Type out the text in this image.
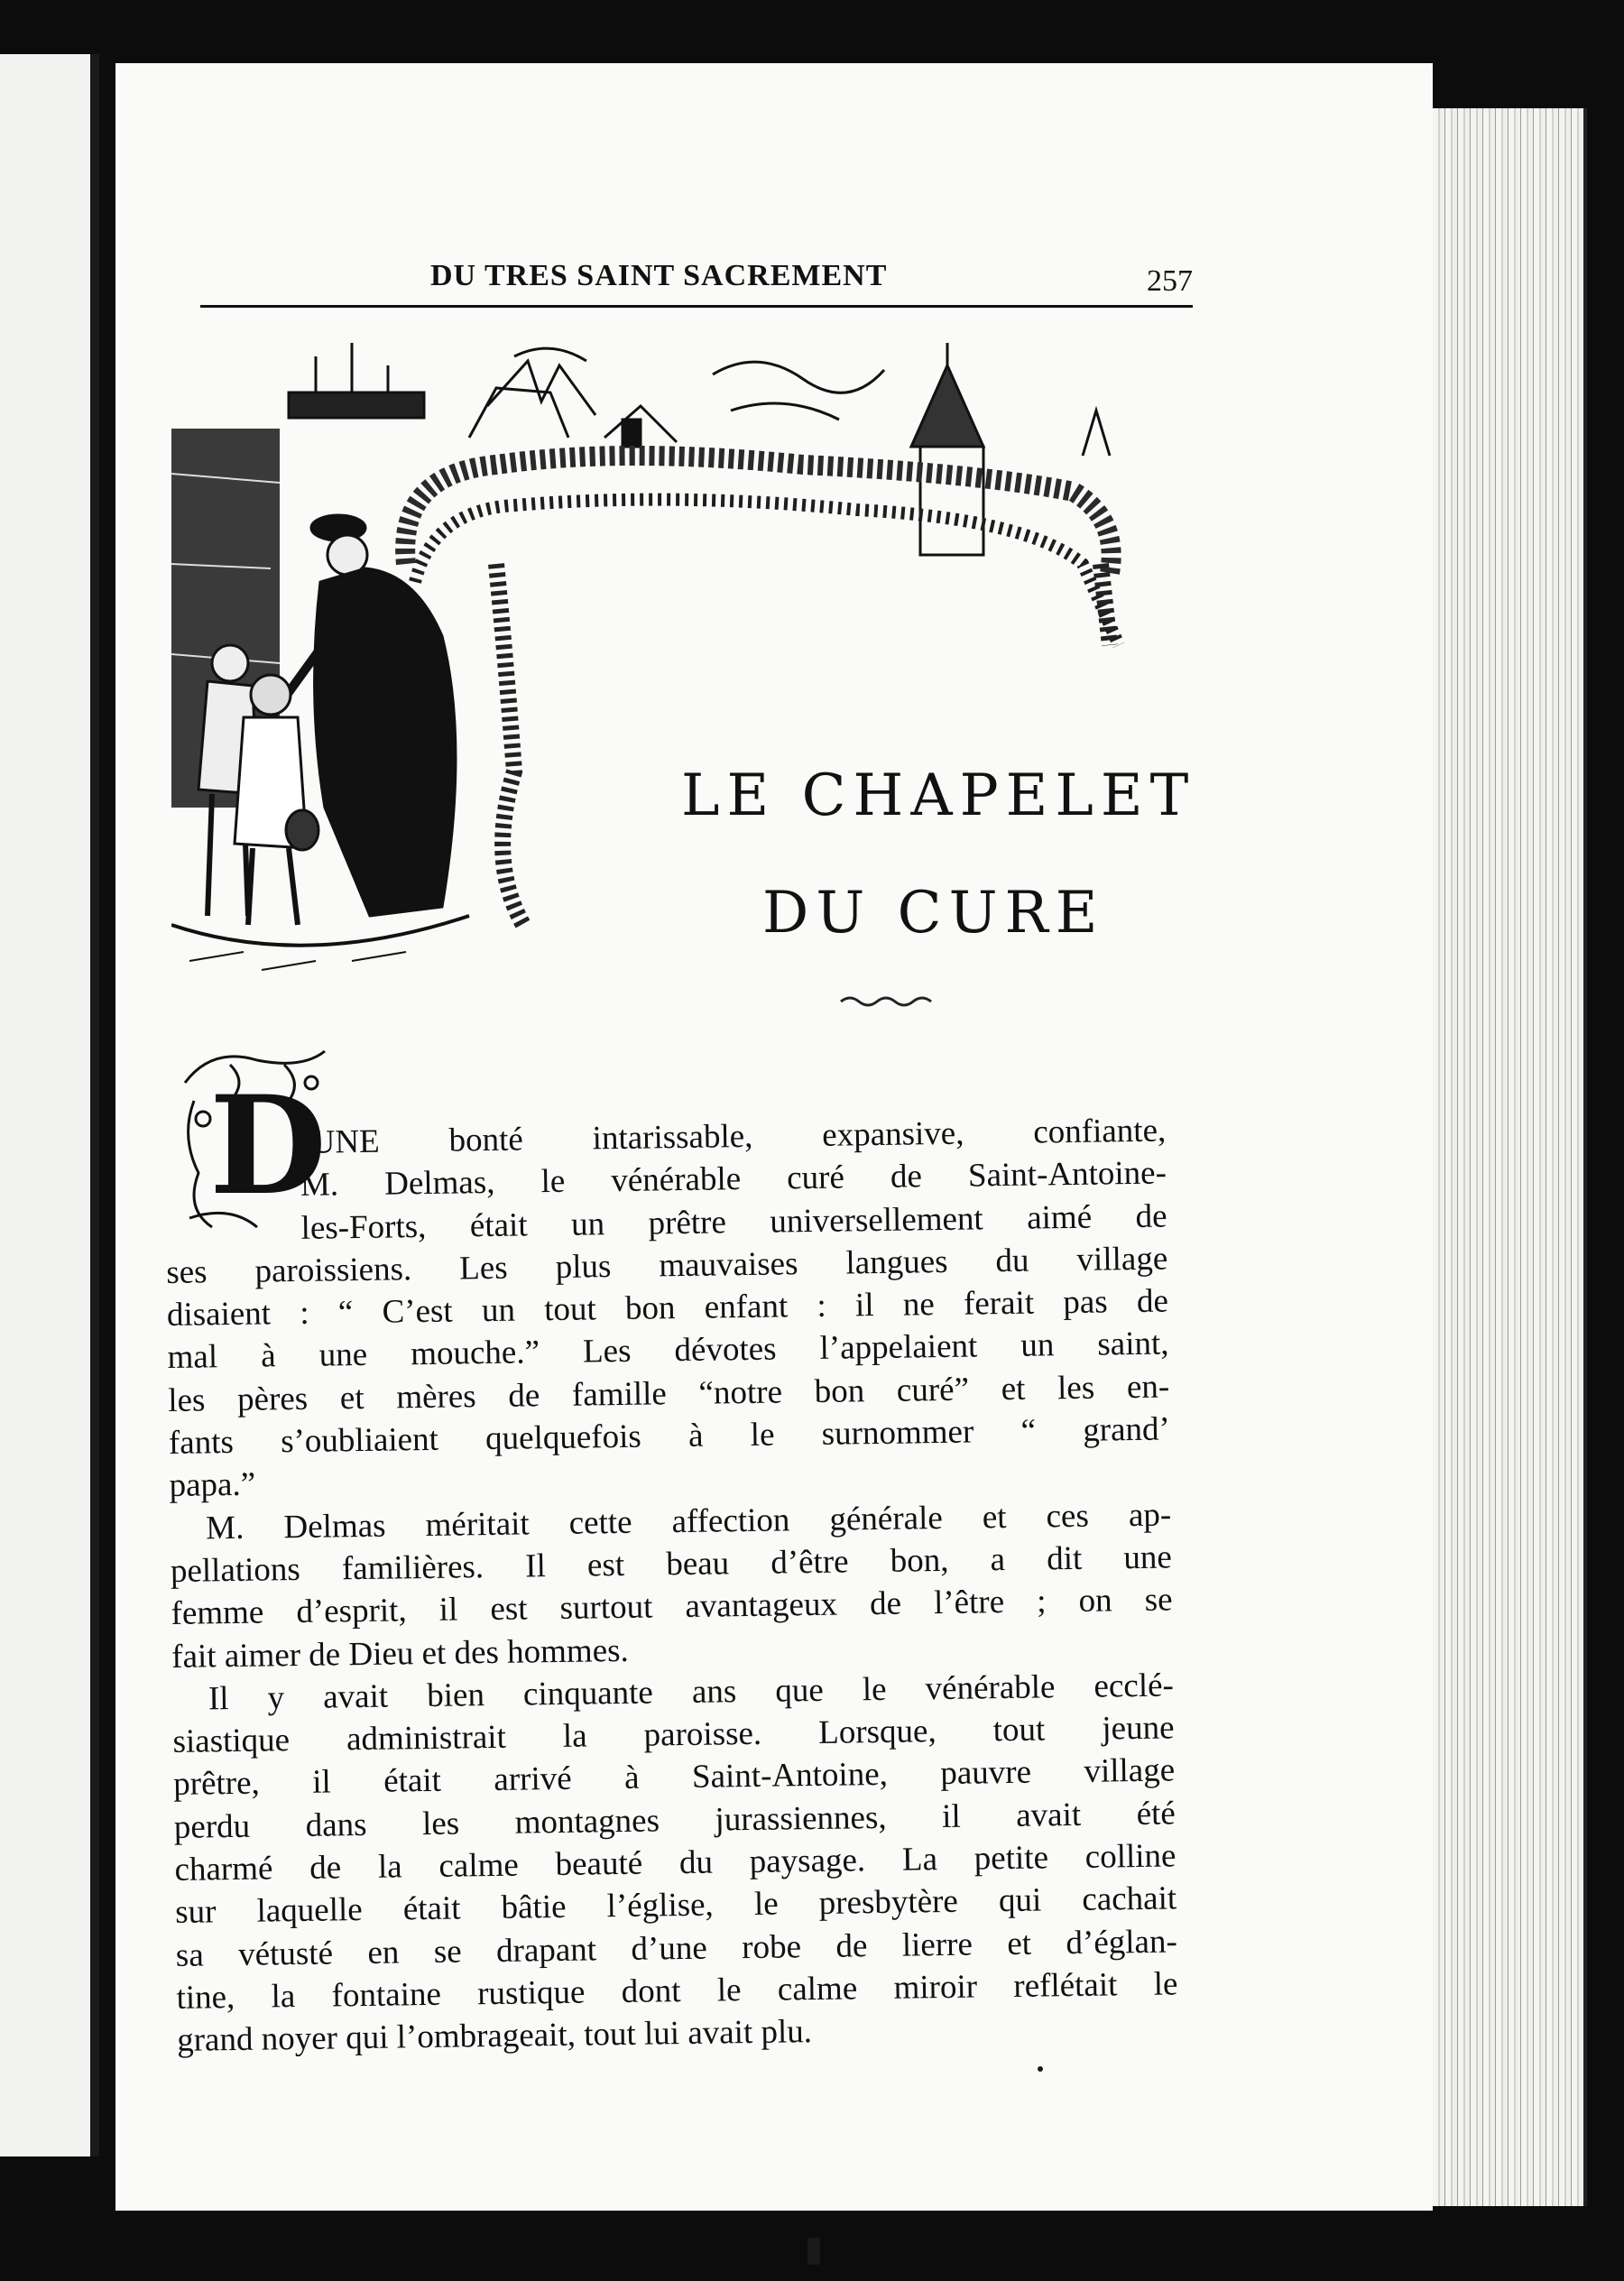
DU TRES SAINT SACREMENT	257
LE CHAPELET
DU CURE
D
’UNE bonté intarissable, expansive, confiante,
M. Delmas, le vénérable curé de Saint-Antoine-
les-Forts, était un prêtre universellement aimé de
ses paroissiens. Les plus mauvaises langues du village
disaient : “ C’est un tout bon enfant : il ne ferait pas de
mal à une mouche.” Les dévotes l’appelaient un saint,
les pères et mères de famille “notre bon curé” et les en-
fants s’oubliaient quelquefois à le surnommer “ grand’
papa.”
M. Delmas méritait cette affection générale et ces ap-
pellations familières. Il est beau d’être bon, a dit une
femme d’esprit, il est surtout avantageux de l’être ; on se
fait aimer de Dieu et des hommes.
Il y avait bien cinquante ans que le vénérable ecclé-
siastique administrait la paroisse. Lorsque, tout jeune
prêtre, il était arrivé à Saint-Antoine, pauvre village
perdu dans les montagnes jurassiennes, il avait été
charmé de la calme beauté du paysage. La petite colline
sur laquelle était bâtie l’église, le presbytère qui cachait
sa vétusté en se drapant d’une robe de lierre et d’églan-
tine, la fontaine rustique dont le calme miroir reflétait le
grand noyer qui l’ombrageait, tout lui avait plu.
